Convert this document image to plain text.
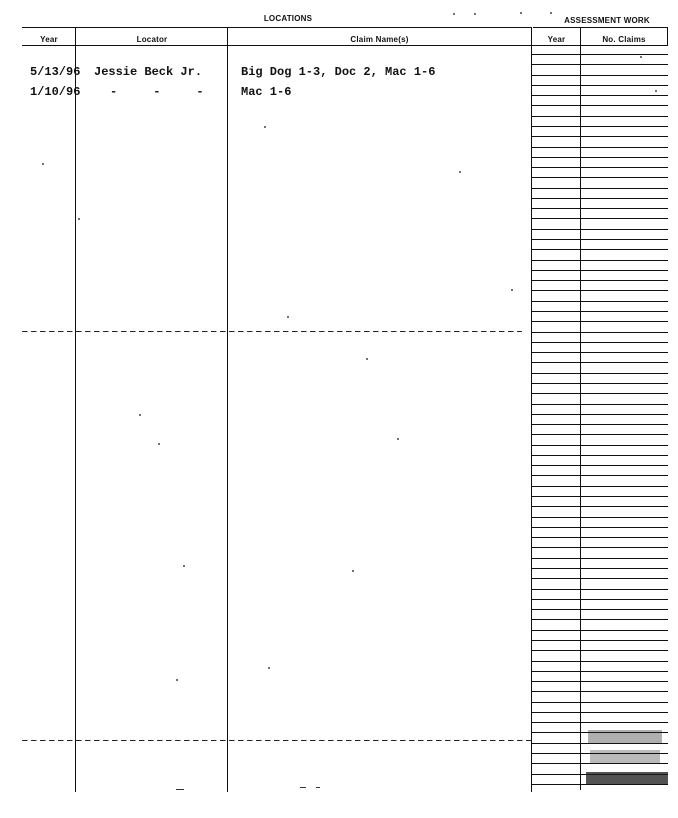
LOCATIONS	ASSESSMENT WORK
Year	Locator	Claim Name(s)	Year	No. Claims
5/13/96 Jessie Beck Jr.	Big Dog 1-3, Doc 2, Mac 1-6
1/10/96 -     -     -	Mac 1-6
